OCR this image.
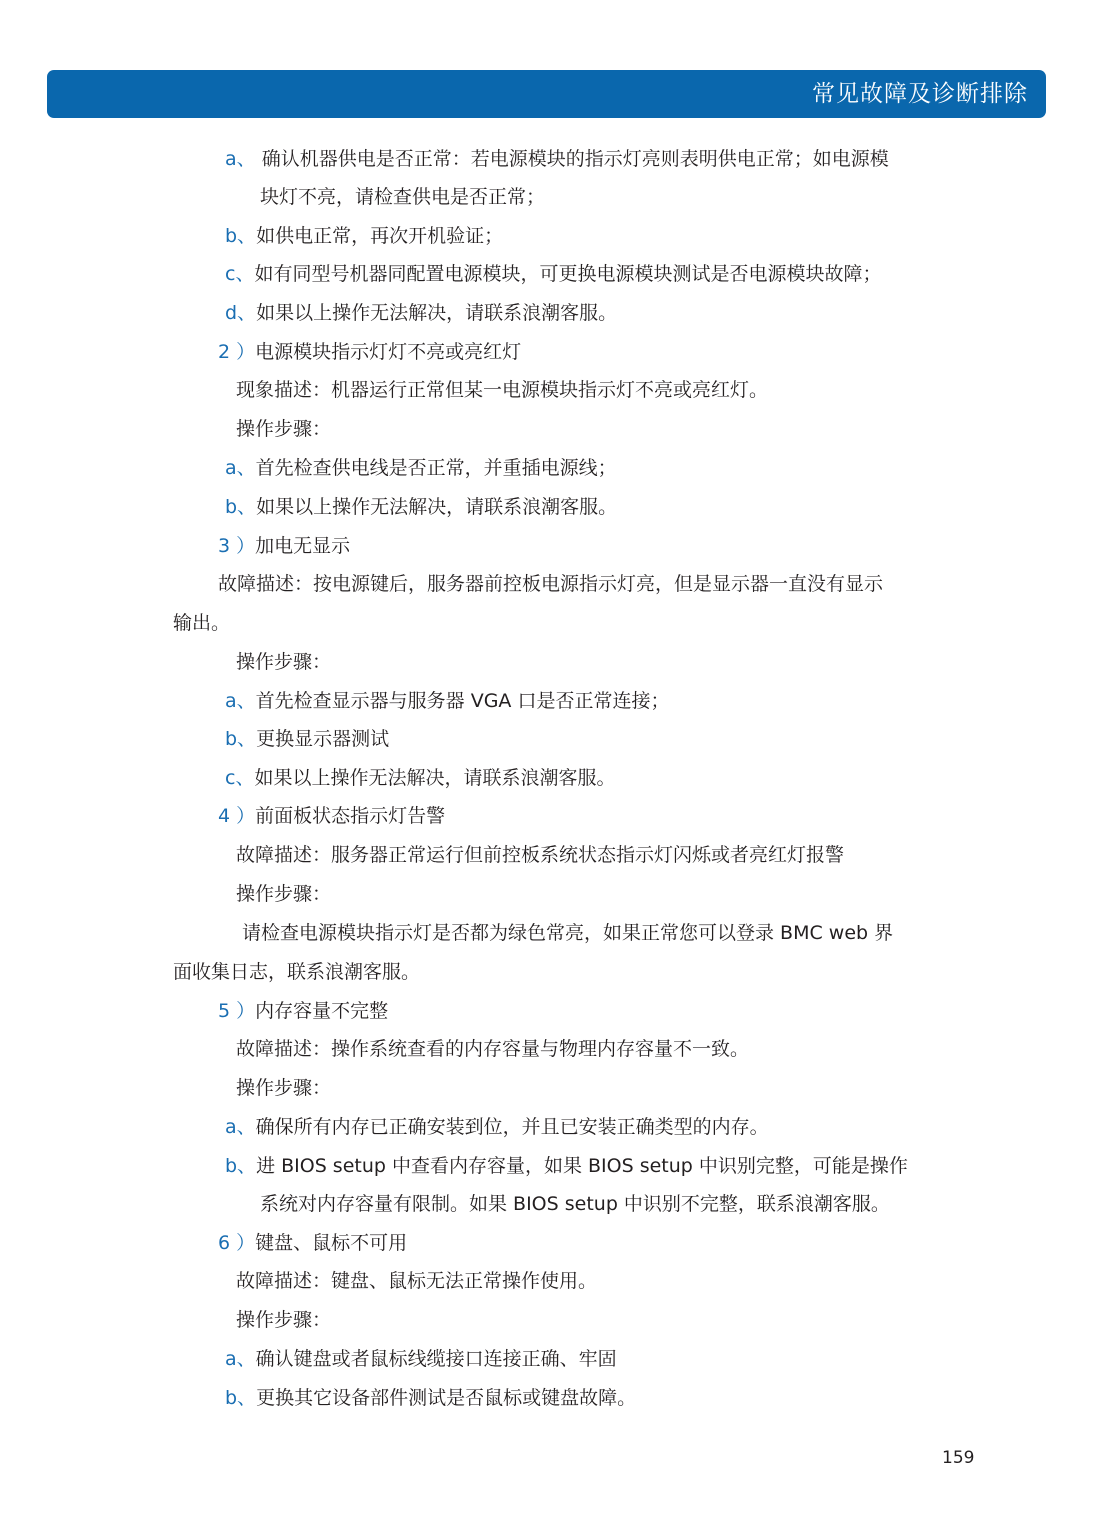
常见故障及诊断排除
a、 确认机器供电是否正常：若电源模块的指示灯亮则表明供电正常；如电源模
块灯不亮，请检查供电是否正常；
b、如供电正常，再次开机验证；
c、如有同型号机器同配置电源模块，可更换电源模块测试是否电源模块故障；
d、如果以上操作无法解决，请联系浪潮客服。
2 ）电源模块指示灯灯不亮或亮红灯
现象描述：机器运行正常但某一电源模块指示灯不亮或亮红灯。
操作步骤：
a、首先检查供电线是否正常，并重插电源线；
b、如果以上操作无法解决，请联系浪潮客服。
3 ）加电无显示
故障描述：按电源键后，服务器前控板电源指示灯亮，但是显示器一直没有显示
输出。
操作步骤：
a、首先检查显示器与服务器 VGA 口是否正常连接；
b、更换显示器测试
c、如果以上操作无法解决，请联系浪潮客服。
4 ）前面板状态指示灯告警
故障描述：服务器正常运行但前控板系统状态指示灯闪烁或者亮红灯报警
操作步骤：
请检查电源模块指示灯是否都为绿色常亮，如果正常您可以登录 BMC web 界
面收集日志，联系浪潮客服。
5 ）内存容量不完整
故障描述：操作系统查看的内存容量与物理内存容量不一致。
操作步骤：
a、确保所有内存已正确安装到位，并且已安装正确类型的内存。
b、进 BIOS setup 中查看内存容量，如果 BIOS setup 中识别完整，可能是操作
系统对内存容量有限制。如果 BIOS setup 中识别不完整，联系浪潮客服。
6 ）键盘、鼠标不可用
故障描述：键盘、鼠标无法正常操作使用。
操作步骤：
a、确认键盘或者鼠标线缆接口连接正确、牢固
b、更换其它设备部件测试是否鼠标或键盘故障。
159
